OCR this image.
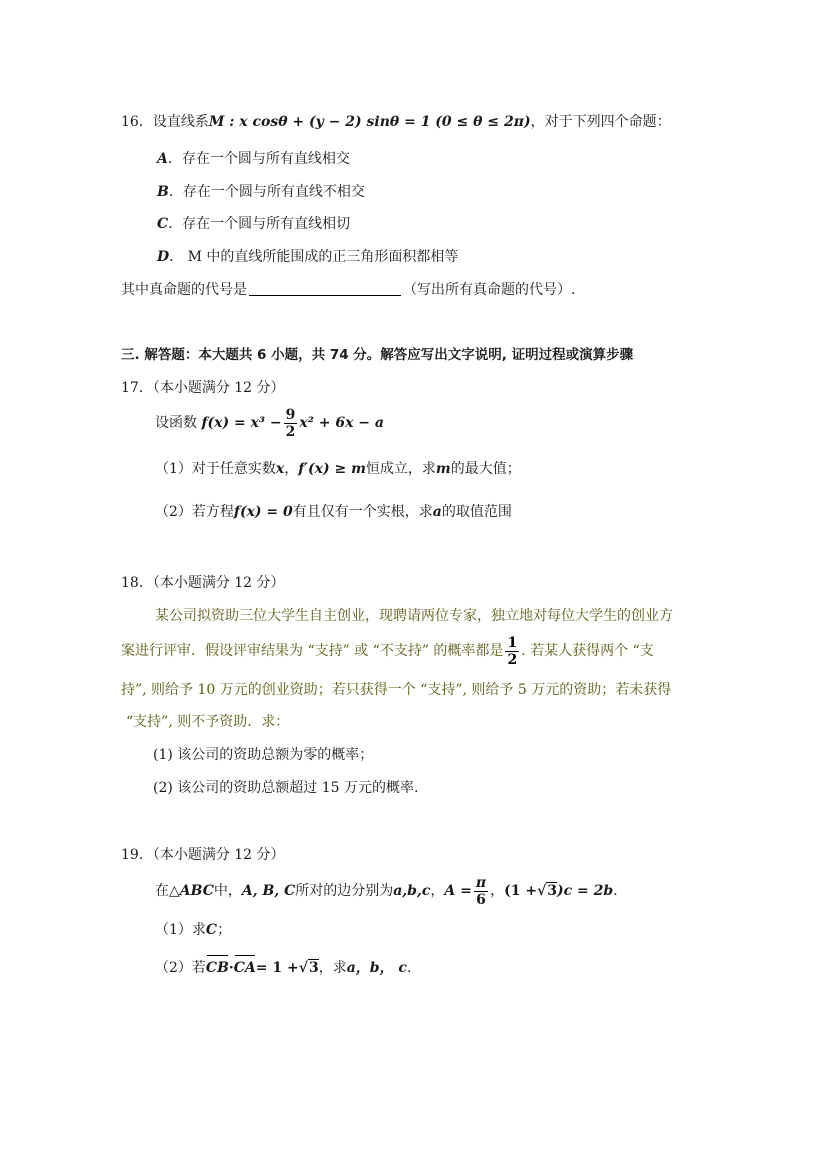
16．设直线系M : x cosθ + (y − 2) sinθ = 1 (0 ≤ θ ≤ 2π)，对于下列四个命题：
A．存在一个圆与所有直线相交
B．存在一个圆与所有直线不相交
C．存在一个圆与所有直线相切
D． M 中的直线所能围成的正三角形面积都相等
其中真命题的代号是	（写出所有真命题的代号）.
三. 解答题：本大题共 6 小题，共 74 分。解答应写出文字说明, 证明过程或演算步骤
17．（本小题满分 12 分）
设函数 $f(x) = x^3 - \frac{9}{2} x^2 + 6x - a$
（1）对于任意实数x，f′(x) ≥ m恒成立，求m的最大值；
（2）若方程f(x) = 0有且仅有一个实根，求a的取值范围
18．（本小题满分 12 分）
某公司拟资助三位大学生自主创业，现聘请两位专家，独立地对每位大学生的创业方
案进行评审．假设评审结果为 “支持” 或 “不支持” 的概率都是 $\frac{1}{2}$ . 若某人获得两个 “支
持”, 则给予 10 万元的创业资助；若只获得一个 “支持”, 则给予 5 万元的资助；若未获得
“支持”, 则不予资助．求：
(1) 该公司的资助总额为零的概率；
(2) 该公司的资助总额超过 15 万元的概率.
19．（本小题满分 12 分）
在△ABC中，A, B, C所对的边分别为a,b,c，$A = \frac{\pi}{6}$ ，(1 +√3)c = 2b．
（1）求C；
（2）若CB·CA= 1 +√3，求a，b， c.
